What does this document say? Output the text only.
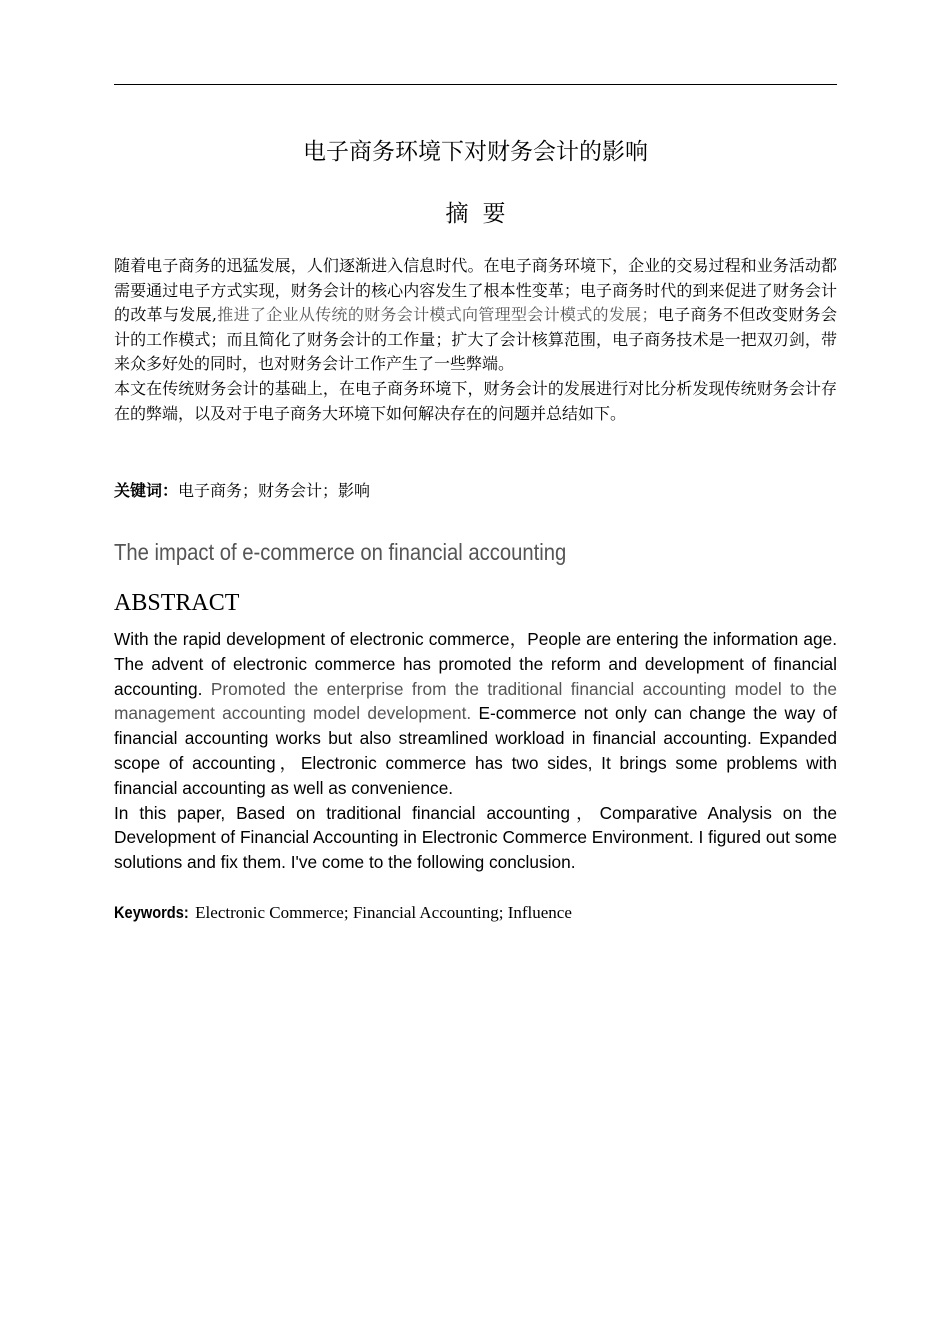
电子商务环境下对财务会计的影响
摘要

随着电子商务的迅猛发展，人们逐渐进入信息时代。在电子商务环境下，企业的交易过程和业务活动都需要通过电子方式实现，财务会计的核心内容发生了根本性变革；电子商务时代的到来促进了财务会计的改革与发展,推进了企业从传统的财务会计模式向管理型会计模式的发展；电子商务不但改变财务会计的工作模式；而且简化了财务会计的工作量；扩大了会计核算范围，电子商务技术是一把双刃剑，带来众多好处的同时，也对财务会计工作产生了一些弊端。

本文在传统财务会计的基础上，在电子商务环境下，财务会计的发展进行对比分析发现传统财务会计存在的弊端，以及对于电子商务大环境下如何解决存在的问题并总结如下。

关键词：电子商务；财务会计；影响

The impact of e-commerce on financial accounting
ABSTRACT

With the rapid development of electronic commerce，People are entering the information age. The advent of electronic commerce has promoted the reform and development of financial accounting. Promoted the enterprise from the traditional financial accounting model to the management accounting model development. E-commerce not only can change the way of financial accounting works but also streamlined workload in financial accounting. Expanded scope of accounting，Electronic commerce has two sides, It brings some problems with financial accounting as well as convenience.

In this paper, Based on traditional financial accounting，Comparative Analysis on the Development of Financial Accounting in Electronic Commerce Environment. I figured out some solutions and fix them. I've come to the following conclusion.

Keywords: Electronic Commerce; Financial Accounting; Influence
